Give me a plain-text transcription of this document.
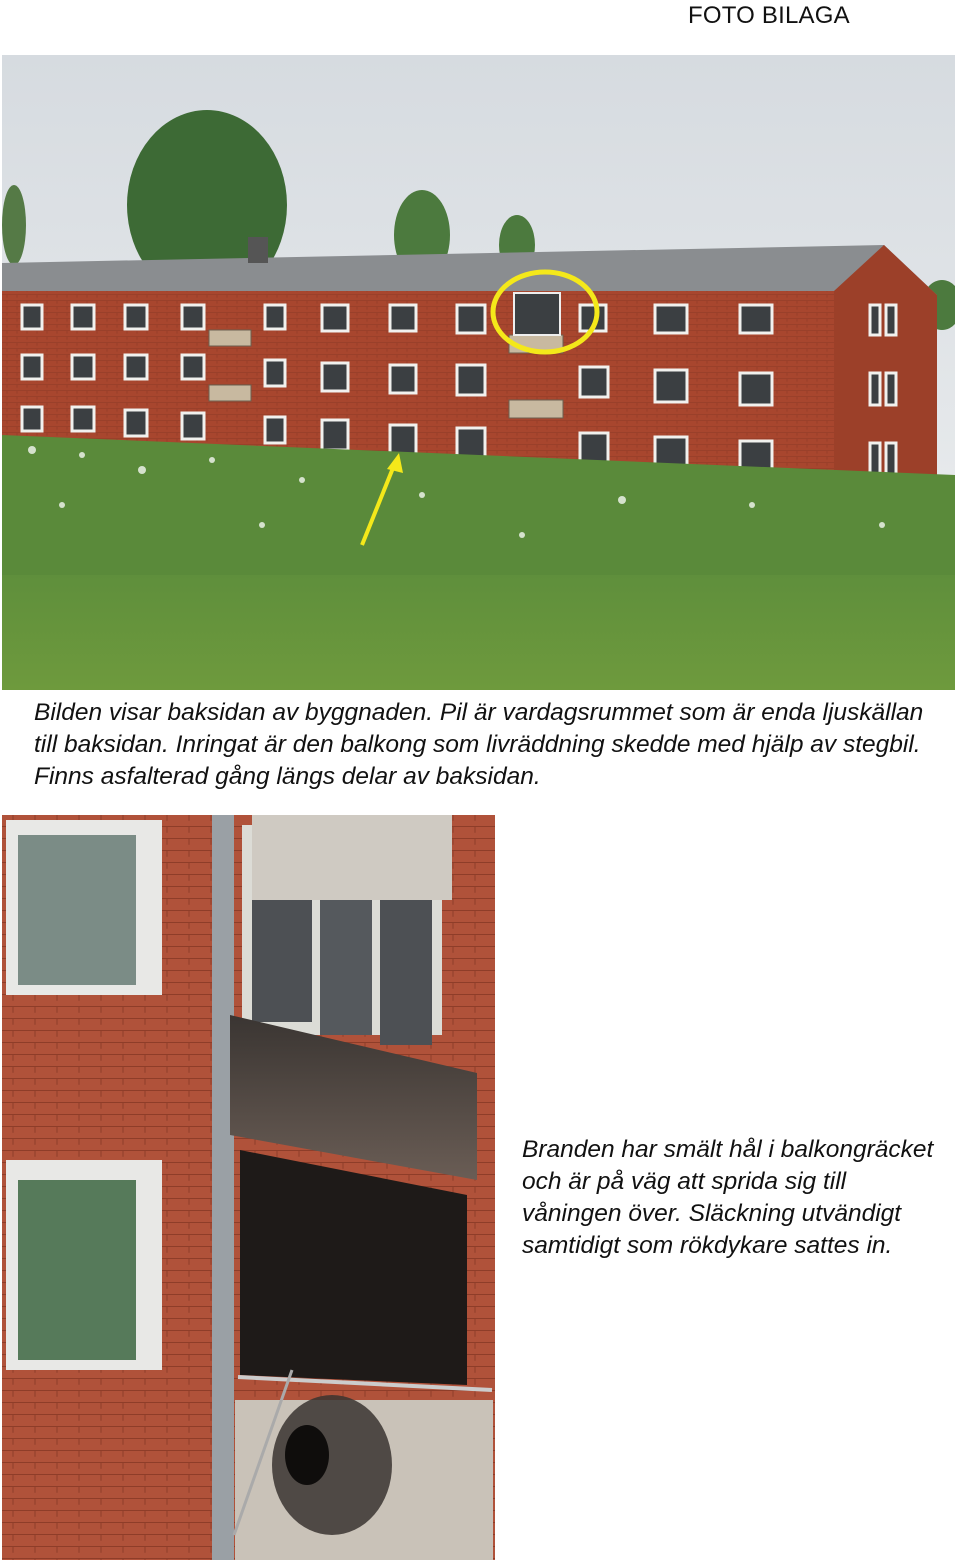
FOTO BILAGA

Bilden visar baksidan av byggnaden. Pil är vardagsrummet som är enda ljuskällan till baksidan. Inringat är den balkong som livräddning skedde med hjälp av stegbil. Finns asfalterad gång längs delar av baksidan.

Branden har smält hål i balkongräcket och är på väg att sprida sig till våningen över. Släckning utvändigt samtidigt som rökdykare sattes in.
